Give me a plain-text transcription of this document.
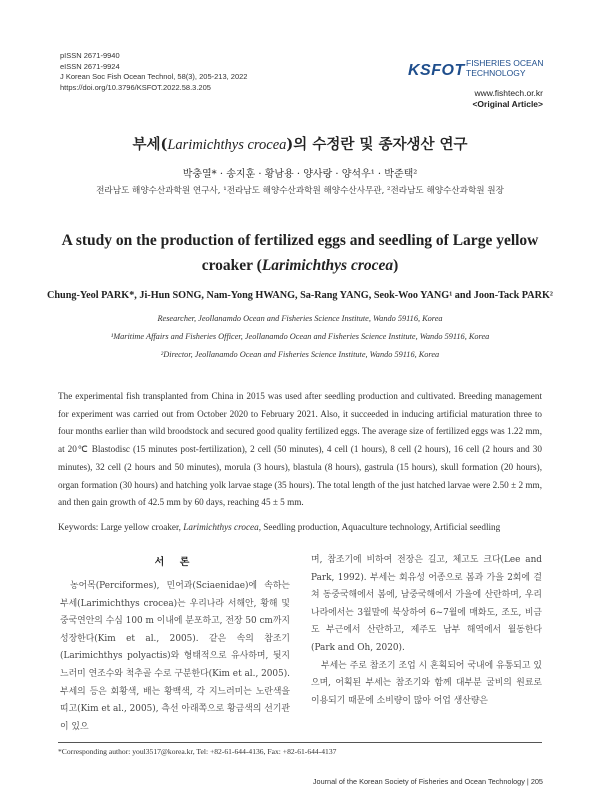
pISSN 2671-9940
eISSN 2671-9924
J Korean Soc Fish Ocean Technol, 58(3), 205-213, 2022
https://doi.org/10.3796/KSFOT.2022.58.3.205
KSFOT FISHERIES OCEAN
TECHNOLOGY
www.fishtech.or.kr
<Original Article>
부세(Larimichthys crocea)의 수정란 및 종자생산 연구
박충열* · 송지훈 · 황남용 · 양사랑 · 양석우¹ · 박준택²
전라남도 해양수산과학원 연구사, ¹전라남도 해양수산과학원 해양수산사무관, ²전라남도 해양수산과학원 원장
A study on the production of fertilized eggs and seedling of Large yellow croaker (Larimichthys crocea)
Chung-Yeol PARK*, Ji-Hun SONG, Nam-Yong HWANG, Sa-Rang YANG, Seok-Woo YANG¹ and Joon-Tack PARK²
Researcher, Jeollanamdo Ocean and Fisheries Science Institute, Wando 59116, Korea
¹Maritime Affairs and Fisheries Officer, Jeollanamdo Ocean and Fisheries Science Institute, Wando 59116, Korea
²Director, Jeollanamdo Ocean and Fisheries Science Institute, Wando 59116, Korea
The experimental fish transplanted from China in 2015 was used after seedling production and cultivated. Breeding management for experiment was carried out from October 2020 to February 2021. Also, it succeeded in inducing artificial maturation three to four months earlier than wild broodstock and secured good quality fertilized eggs. The average size of fertilized eggs was 1.22 mm, at 20℃ Blastodisc (15 minutes post-fertilization), 2 cell (50 minutes), 4 cell (1 hours), 8 cell (2 hours), 16 cell (2 hours and 30 minutes), 32 cell (2 hours and 50 minutes), morula (3 hours), blastula (8 hours), gastrula (15 hours), skull formation (20 hours), organ formation (30 hours) and hatching yolk larvae stage (35 hours). The total length of the just hatched larvae were 2.50 ± 2 mm, and then gain growth of 42.5 mm by 60 days, reaching 45 ± 5 mm.
Keywords: Large yellow croaker, Larimichthys crocea, Seedling production, Aquaculture technology, Artificial seedling
서 론

농어목(Perciformes), 민어과(Sciaenidae)에 속하는 부세(Larimichthys crocea)는 우리나라 서해안, 황해 및 중국연안의 수심 100 m 이내에 분포하고, 전장 50 cm까지 성장한다(Kim et al., 2005). 같은 속의 참조기(Larimichthys polyactis)와 형태적으로 유사하며, 뒷지느러미 연조수와 척추골 수로 구분한다(Kim et al., 2005). 부세의 등은 회황색, 배는 황백색, 각 지느러미는 노란색을 띠고(Kim et al., 2005), 측선 아래쪽으로 황금색의 선기관이 있으

며, 참조기에 비하여 전장은 길고, 체고도 크다(Lee and Park, 1992). 부세는 회유성 어종으로 봄과 가을 2회에 걸쳐 동중국해에서 봄에, 남중국해에서 가을에 산란하며, 우리나라에서는 3월말에 북상하여 6~7월에 매화도, 조도, 비금도 부근에서 산란하고, 제주도 남부 해역에서 월동한다(Park and Oh, 2020).

부세는 주로 참조기 조업 시 혼획되어 국내에 유통되고 있으며, 어획된 부세는 참조기와 함께 대부분 굴비의 원료로 이용되기 때문에 소비량이 많아 어업 생산량은

*Corresponding author: youl3517@korea.kr, Tel: +82-61-644-4136, Fax: +82-61-644-4137
Journal of the Korean Society of Fisheries and Ocean Technology | 205
